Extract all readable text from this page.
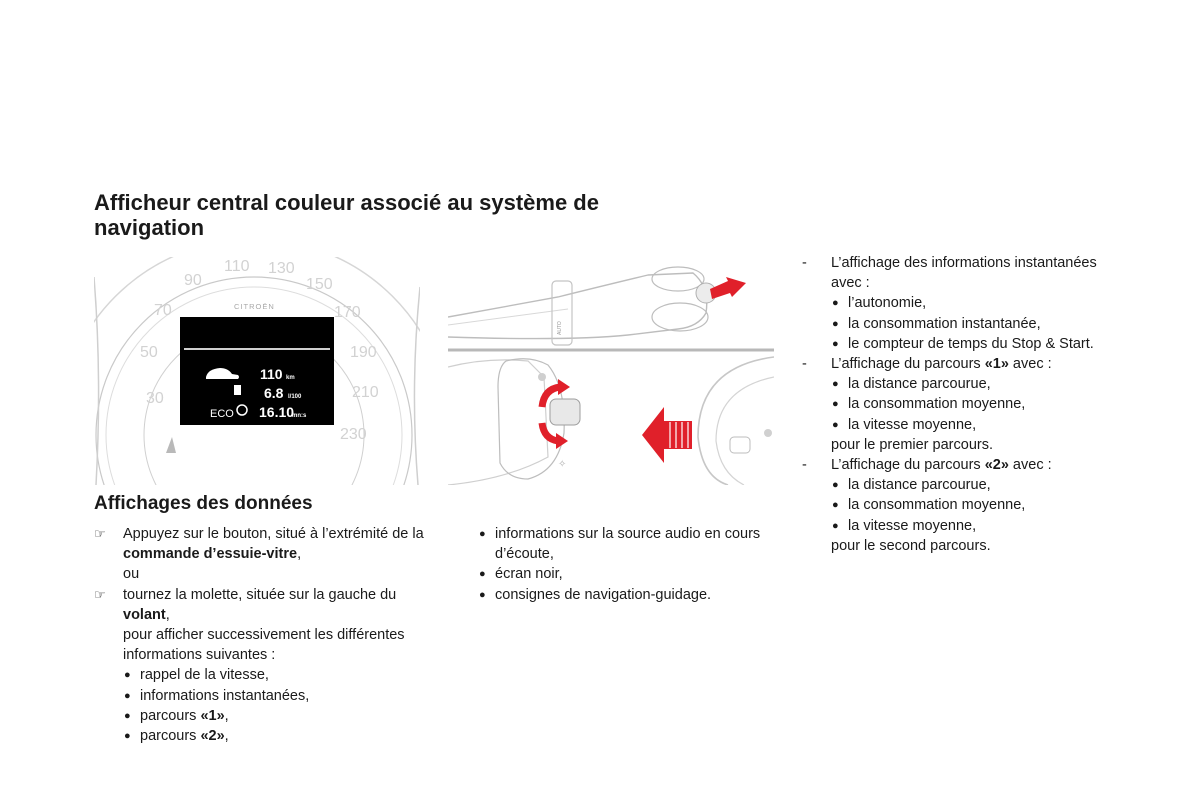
Afficheur central couleur associé au système de navigation
30
50
70
90
110 130
150
170
190
210
230
CITROËN
110 km
6.8 l/100
ECO 16.10
mn:s
AUTO
✧
Affichages des données
☞ Appuyez sur le bouton, situé à l’extrémité de la commande d’essuie-vitre,
ou
☞ tournez la molette, située sur la gauche du volant,
pour afficher successivement les différentes informations suivantes :
● rappel de la vitesse,
● informations instantanées,
● parcours «1»,
● parcours «2»,
● informations sur la source audio en cours d’écoute,
● écran noir,
● consignes de navigation-guidage.
- L’affichage des informations instantanées avec :
● l’autonomie,
● la consommation instantanée,
● le compteur de temps du Stop & Start.
- L’affichage du parcours «1» avec :
● la distance parcourue,
● la consommation moyenne,
● la vitesse moyenne,
pour le premier parcours.
- L’affichage du parcours «2» avec :
● la distance parcourue,
● la consommation moyenne,
● la vitesse moyenne,
pour le second parcours.
